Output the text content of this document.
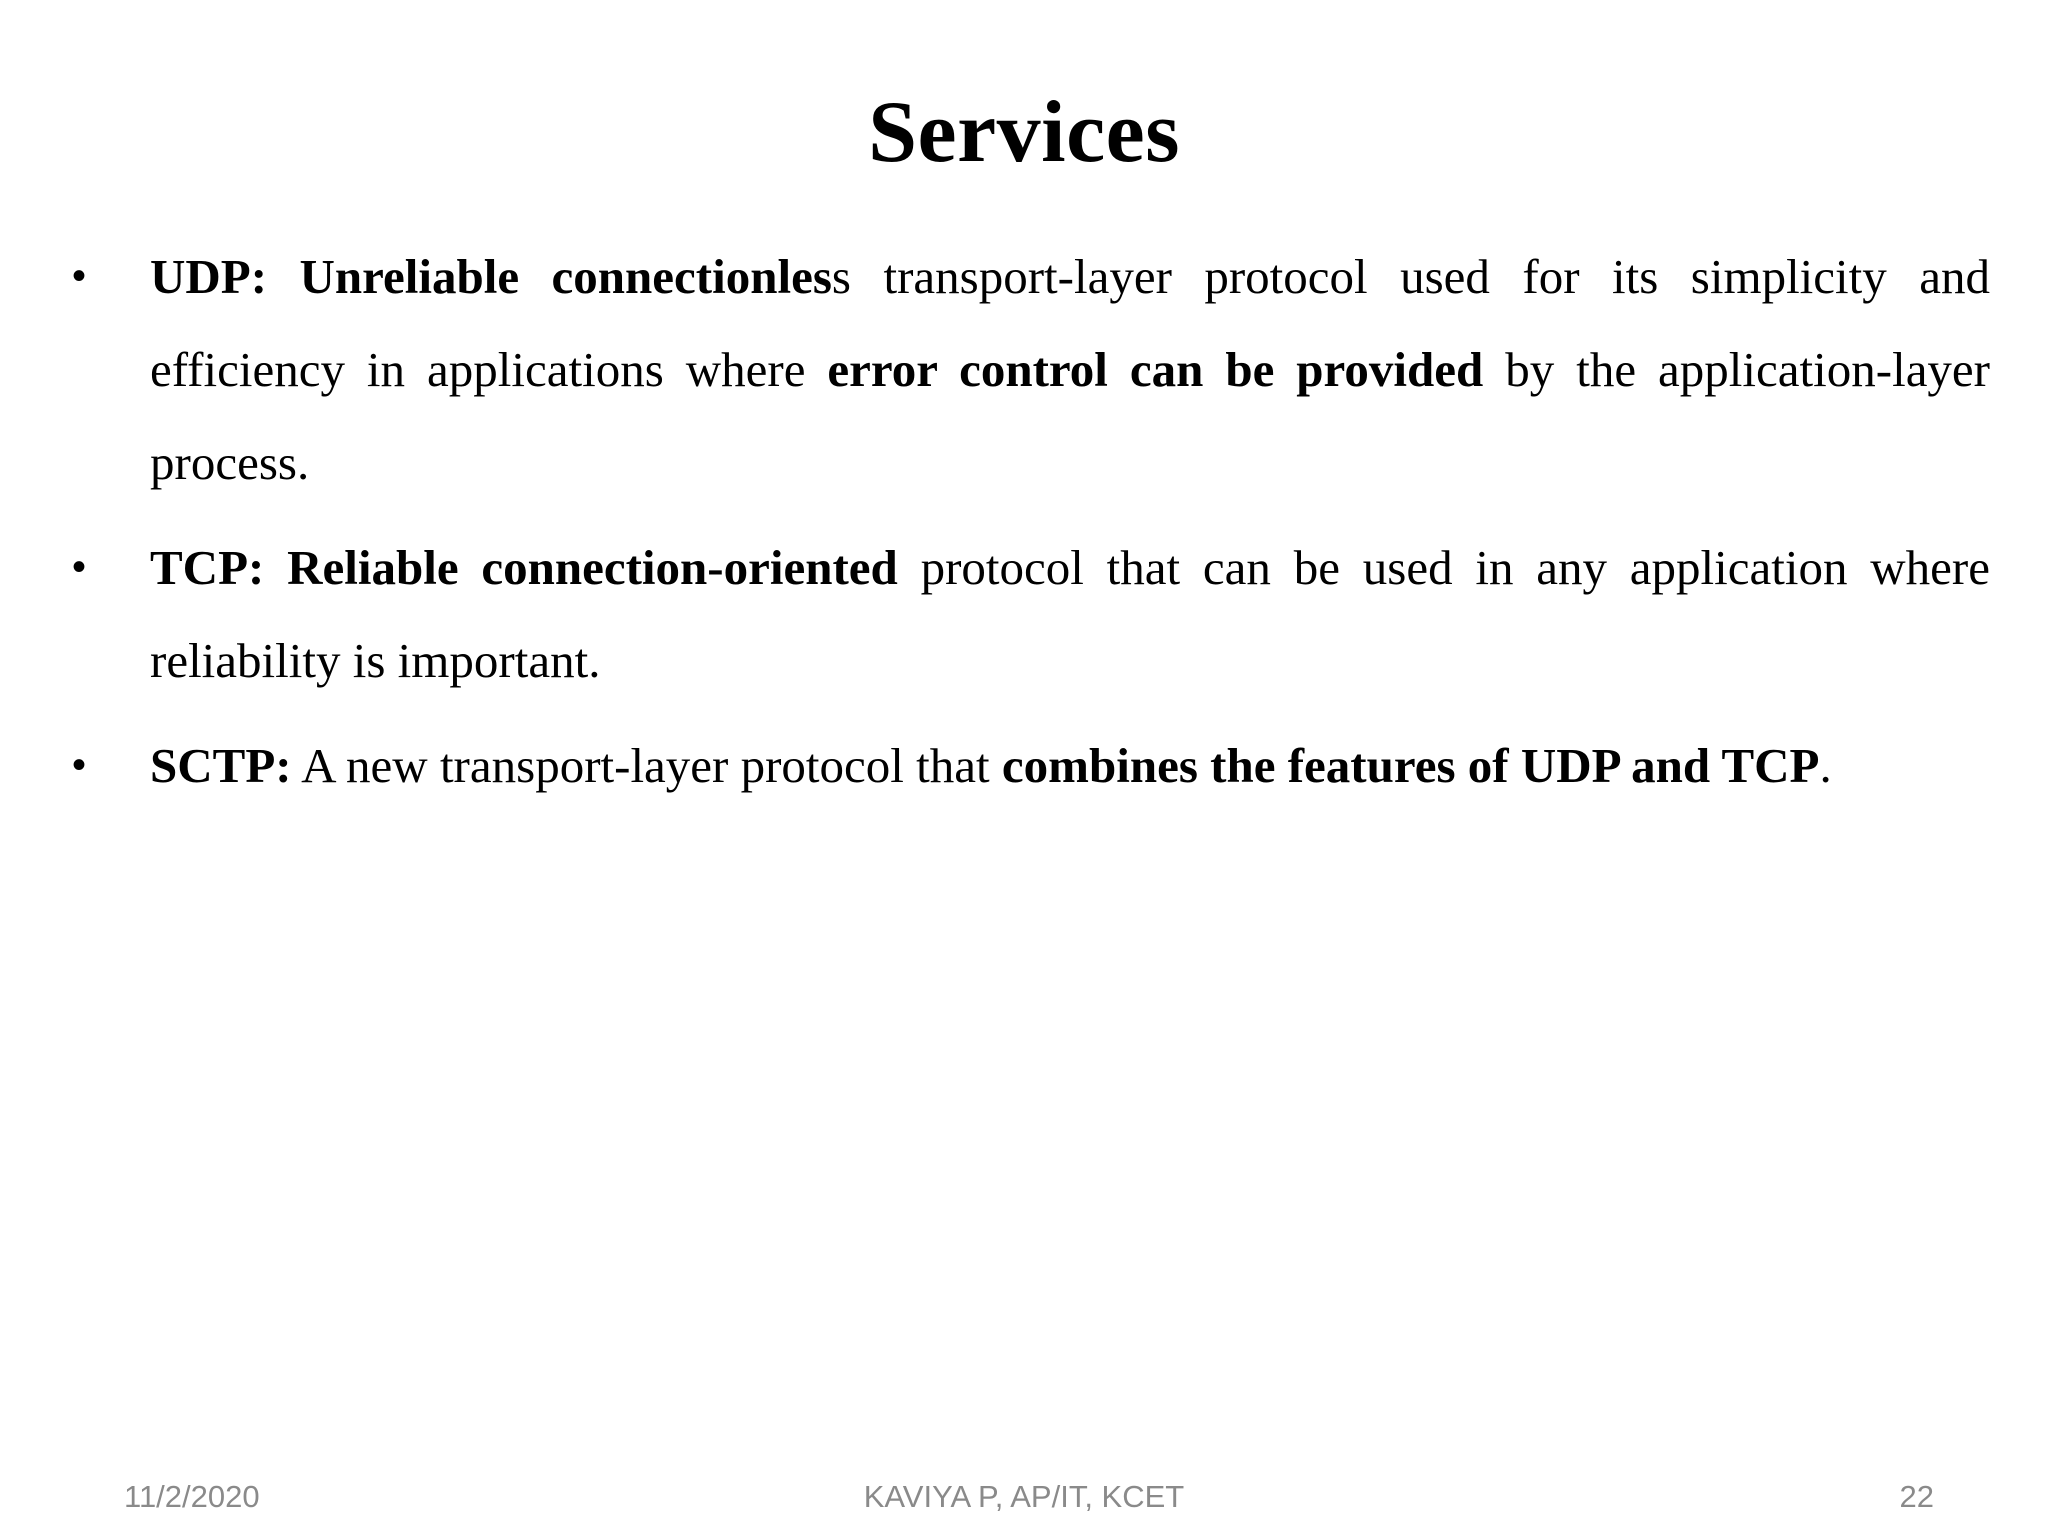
Services
• UDP: Unreliable connectionless transport-layer protocol used for its simplicity and efficiency in applications where error control can be provided by the application-layer process.
• TCP: Reliable connection-oriented protocol that can be used in any application where reliability is important.
• SCTP: A new transport-layer protocol that combines the features of UDP and TCP.
11/2/2020	KAVIYA P, AP/IT, KCET	22
